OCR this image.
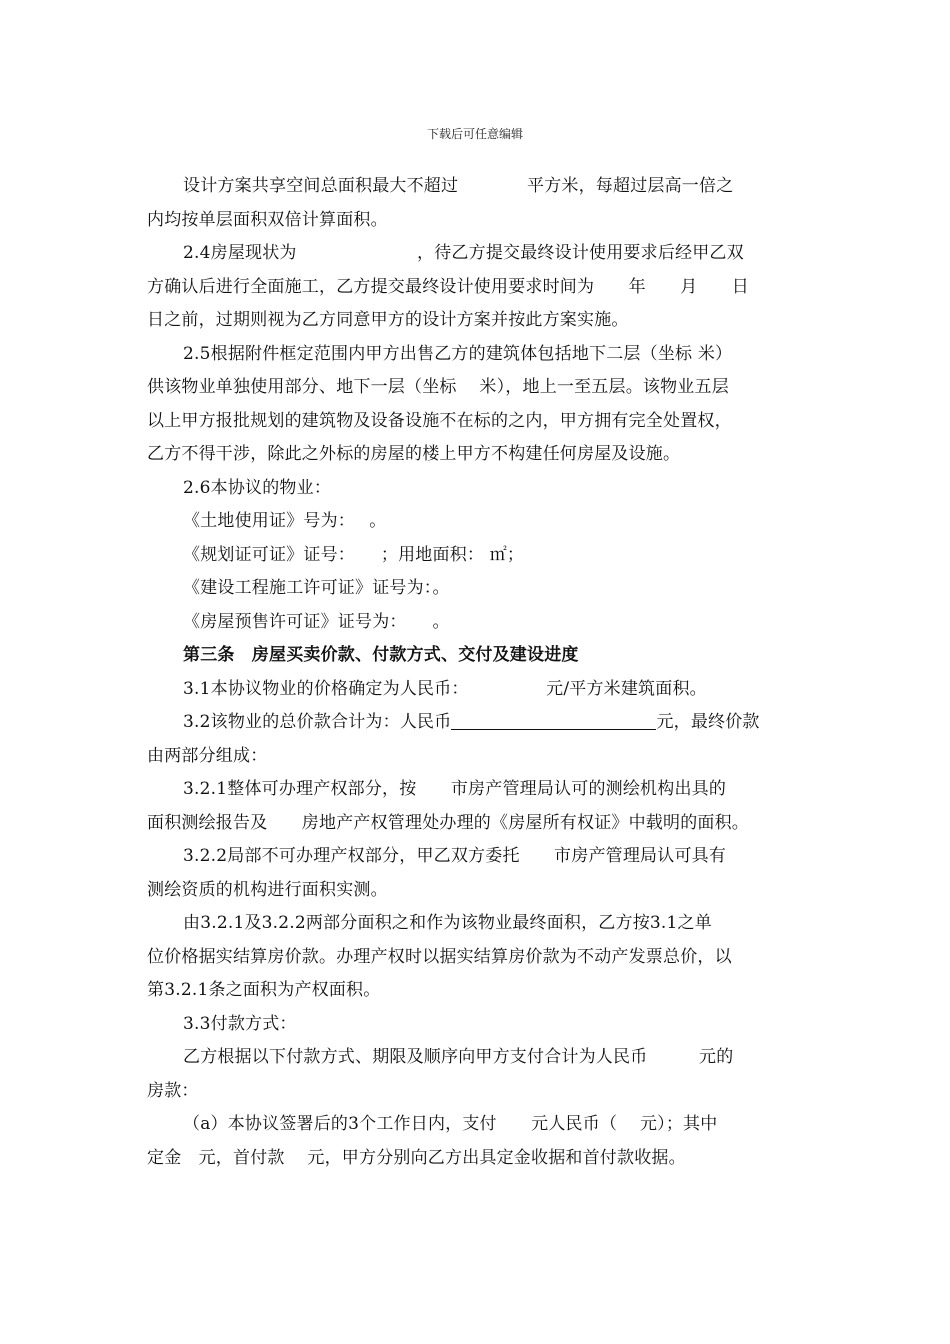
下载后可任意编辑
设计方案共享空间总面积最大不超过　　　　平方米，每超过层高一倍之
内均按单层面积双倍计算面积。
2.4房屋现状为　　　　　　　，待乙方提交最终设计使用要求后经甲乙双
方确认后进行全面施工，乙方提交最终设计使用要求时间为　　年　　月　　日
日之前，过期则视为乙方同意甲方的设计方案并按此方案实施。
2.5根据附件框定范围内甲方出售乙方的建筑体包括地下二层（坐标 米）
供该物业单独使用部分、地下一层（坐标　 米），地上一至五层。该物业五层
以上甲方报批规划的建筑物及设备设施不在标的之内，甲方拥有完全处置权，
乙方不得干涉，除此之外标的房屋的楼上甲方不构建任何房屋及设施。
2.6本协议的物业：
《土地使用证》号为：　 。
《规划证可证》证号：　　；用地面积： ㎡；
《建设工程施工许可证》证号为：。
《房屋预售许可证》证号为：　　。
第三条　房屋买卖价款、付款方式、交付及建设进度
3.1本协议物业的价格确定为人民币：　　　　　元/平方米建筑面积。
3.2该物业的总价款合计为：人民币	元，最终价款
由两部分组成：
3.2.1整体可办理产权部分，按　　市房产管理局认可的测绘机构出具的
面积测绘报告及　　房地产产权管理处办理的《房屋所有权证》中载明的面积。
3.2.2局部不可办理产权部分，甲乙双方委托　　市房产管理局认可具有
测绘资质的机构进行面积实测。
由3.2.1及3.2.2两部分面积之和作为该物业最终面积，乙方按3.1之单
位价格据实结算房价款。办理产权时以据实结算房价款为不动产发票总价，以
第3.2.1条之面积为产权面积。
3.3付款方式：
乙方根据以下付款方式、期限及顺序向甲方支付合计为人民币　　　元的
房款：
（a）本协议签署后的3个工作日内，支付　　元人民币（　 元）；其中
定金　元，首付款　 元，甲方分别向乙方出具定金收据和首付款收据。
